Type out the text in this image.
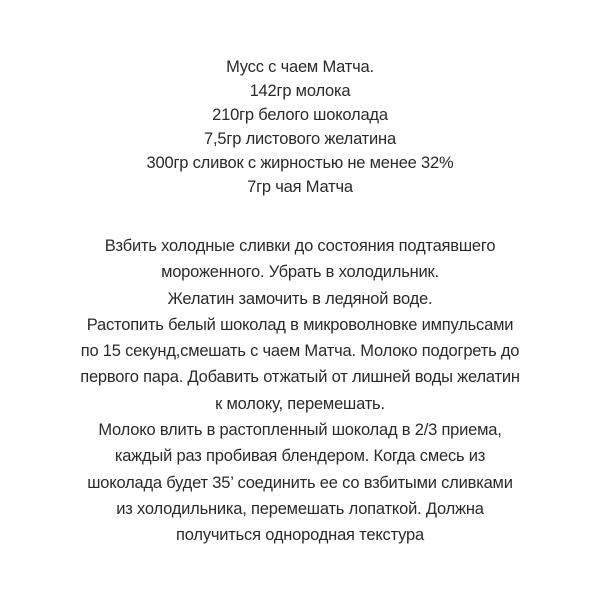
Мусс с чаем Матча.
142гр молока
210гр белого шоколада
7,5гр листового желатина
300гр сливок с жирностью не менее 32%
7гр чая Матча
Взбить холодные сливки до состояния подтаявшего
мороженного. Убрать в холодильник.
Желатин замочить в ледяной воде.
Растопить белый шоколад в микроволновке импульсами
по 15 секунд,смешать с чаем Матча. Молоко подогреть до
первого пара. Добавить отжатый от лишней воды желатин
к молоку, перемешать.
Молоко влить в растопленный шоколад в 2/3 приема,
каждый раз пробивая блендером. Когда смесь из
шоколада будет 35’ соединить ее со взбитыми сливками
из холодильника, перемешать лопаткой. Должна
получиться однородная текстура
